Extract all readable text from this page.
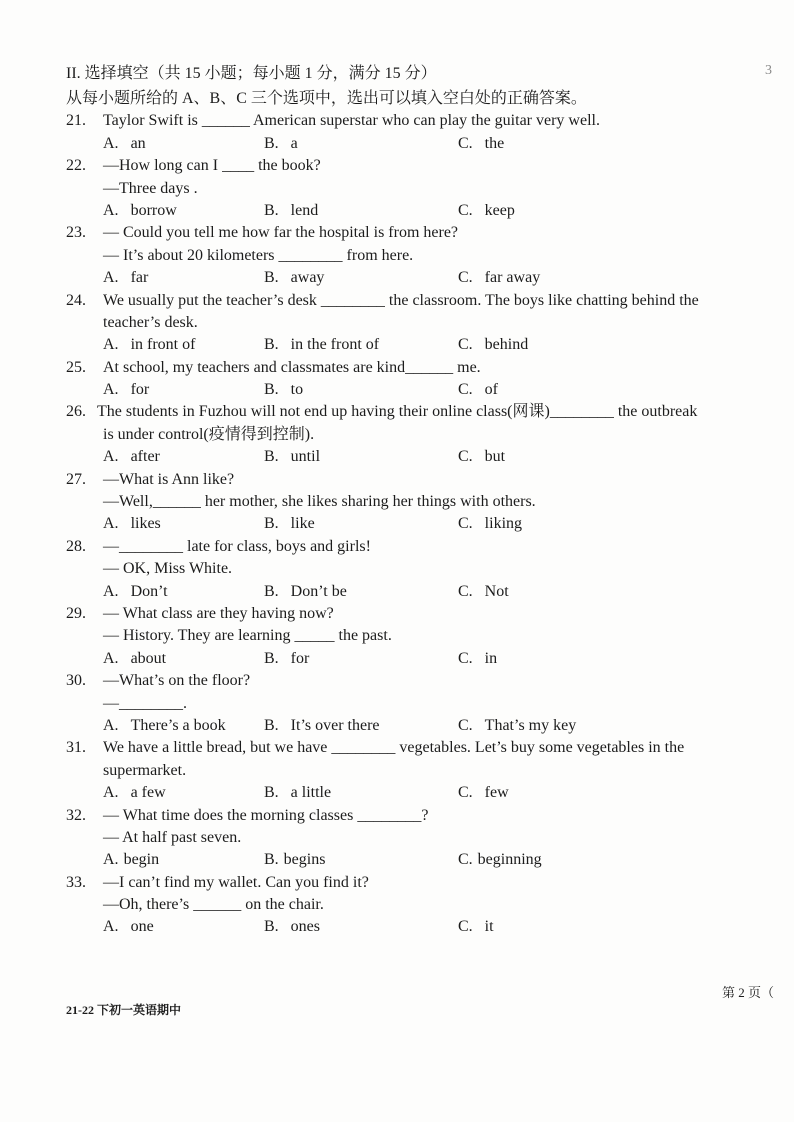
3
II. 选择填空（共 15 小题；每小题 1 分，满分 15 分）
从每小题所给的 A、B、C 三个选项中，选出可以填入空白处的正确答案。
21.	Taylor Swift is ______ American superstar who can play the guitar very well.
A. an	B. a	C. the
22.	—How long can I ____ the book?
—Three days .
A. borrow	B. lend	C. keep
23.	— Could you tell me how far the hospital is from here?
— It’s about 20 kilometers ________ from here.
A. far	B. away	C. far away
24.	We usually put the teacher’s desk ________ the classroom. The boys like chatting behind the
teacher’s desk.
A. in front of	B. in the front of	C. behind
25.	At school, my teachers and classmates are kind______ me.
A. for	B. to	C. of
26. The students in Fuzhou will not end up having their online class(网课)________ the outbreak
is under control(疫情得到控制).
A. after	B. until	C. but
27.	—What is Ann like?
—Well,______ her mother, she likes sharing her things with others.
A. likes	B. like	C. liking
28.	—________ late for class, boys and girls!
— OK, Miss White.
A. Don’t	B. Don’t be	C. Not
29.	— What class are they having now?
— History. They are learning _____ the past.
A. about	B. for	C. in
30.	—What’s on the floor?
—________.
A. There’s a book	B. It’s over there	C. That’s my key
31.	We have a little bread, but we have ________ vegetables. Let’s buy some vegetables in the
supermarket.
A. a few	B. a little	C. few
32.	— What time does the morning classes ________?
— At half past seven.
A. begin	B. begins	C. beginning
33.	—I can’t find my wallet. Can you find it?
—Oh, there’s ______ on the chair.
A. one	B. ones	C. it
第 2 页（
21-22 下初一英语期中
